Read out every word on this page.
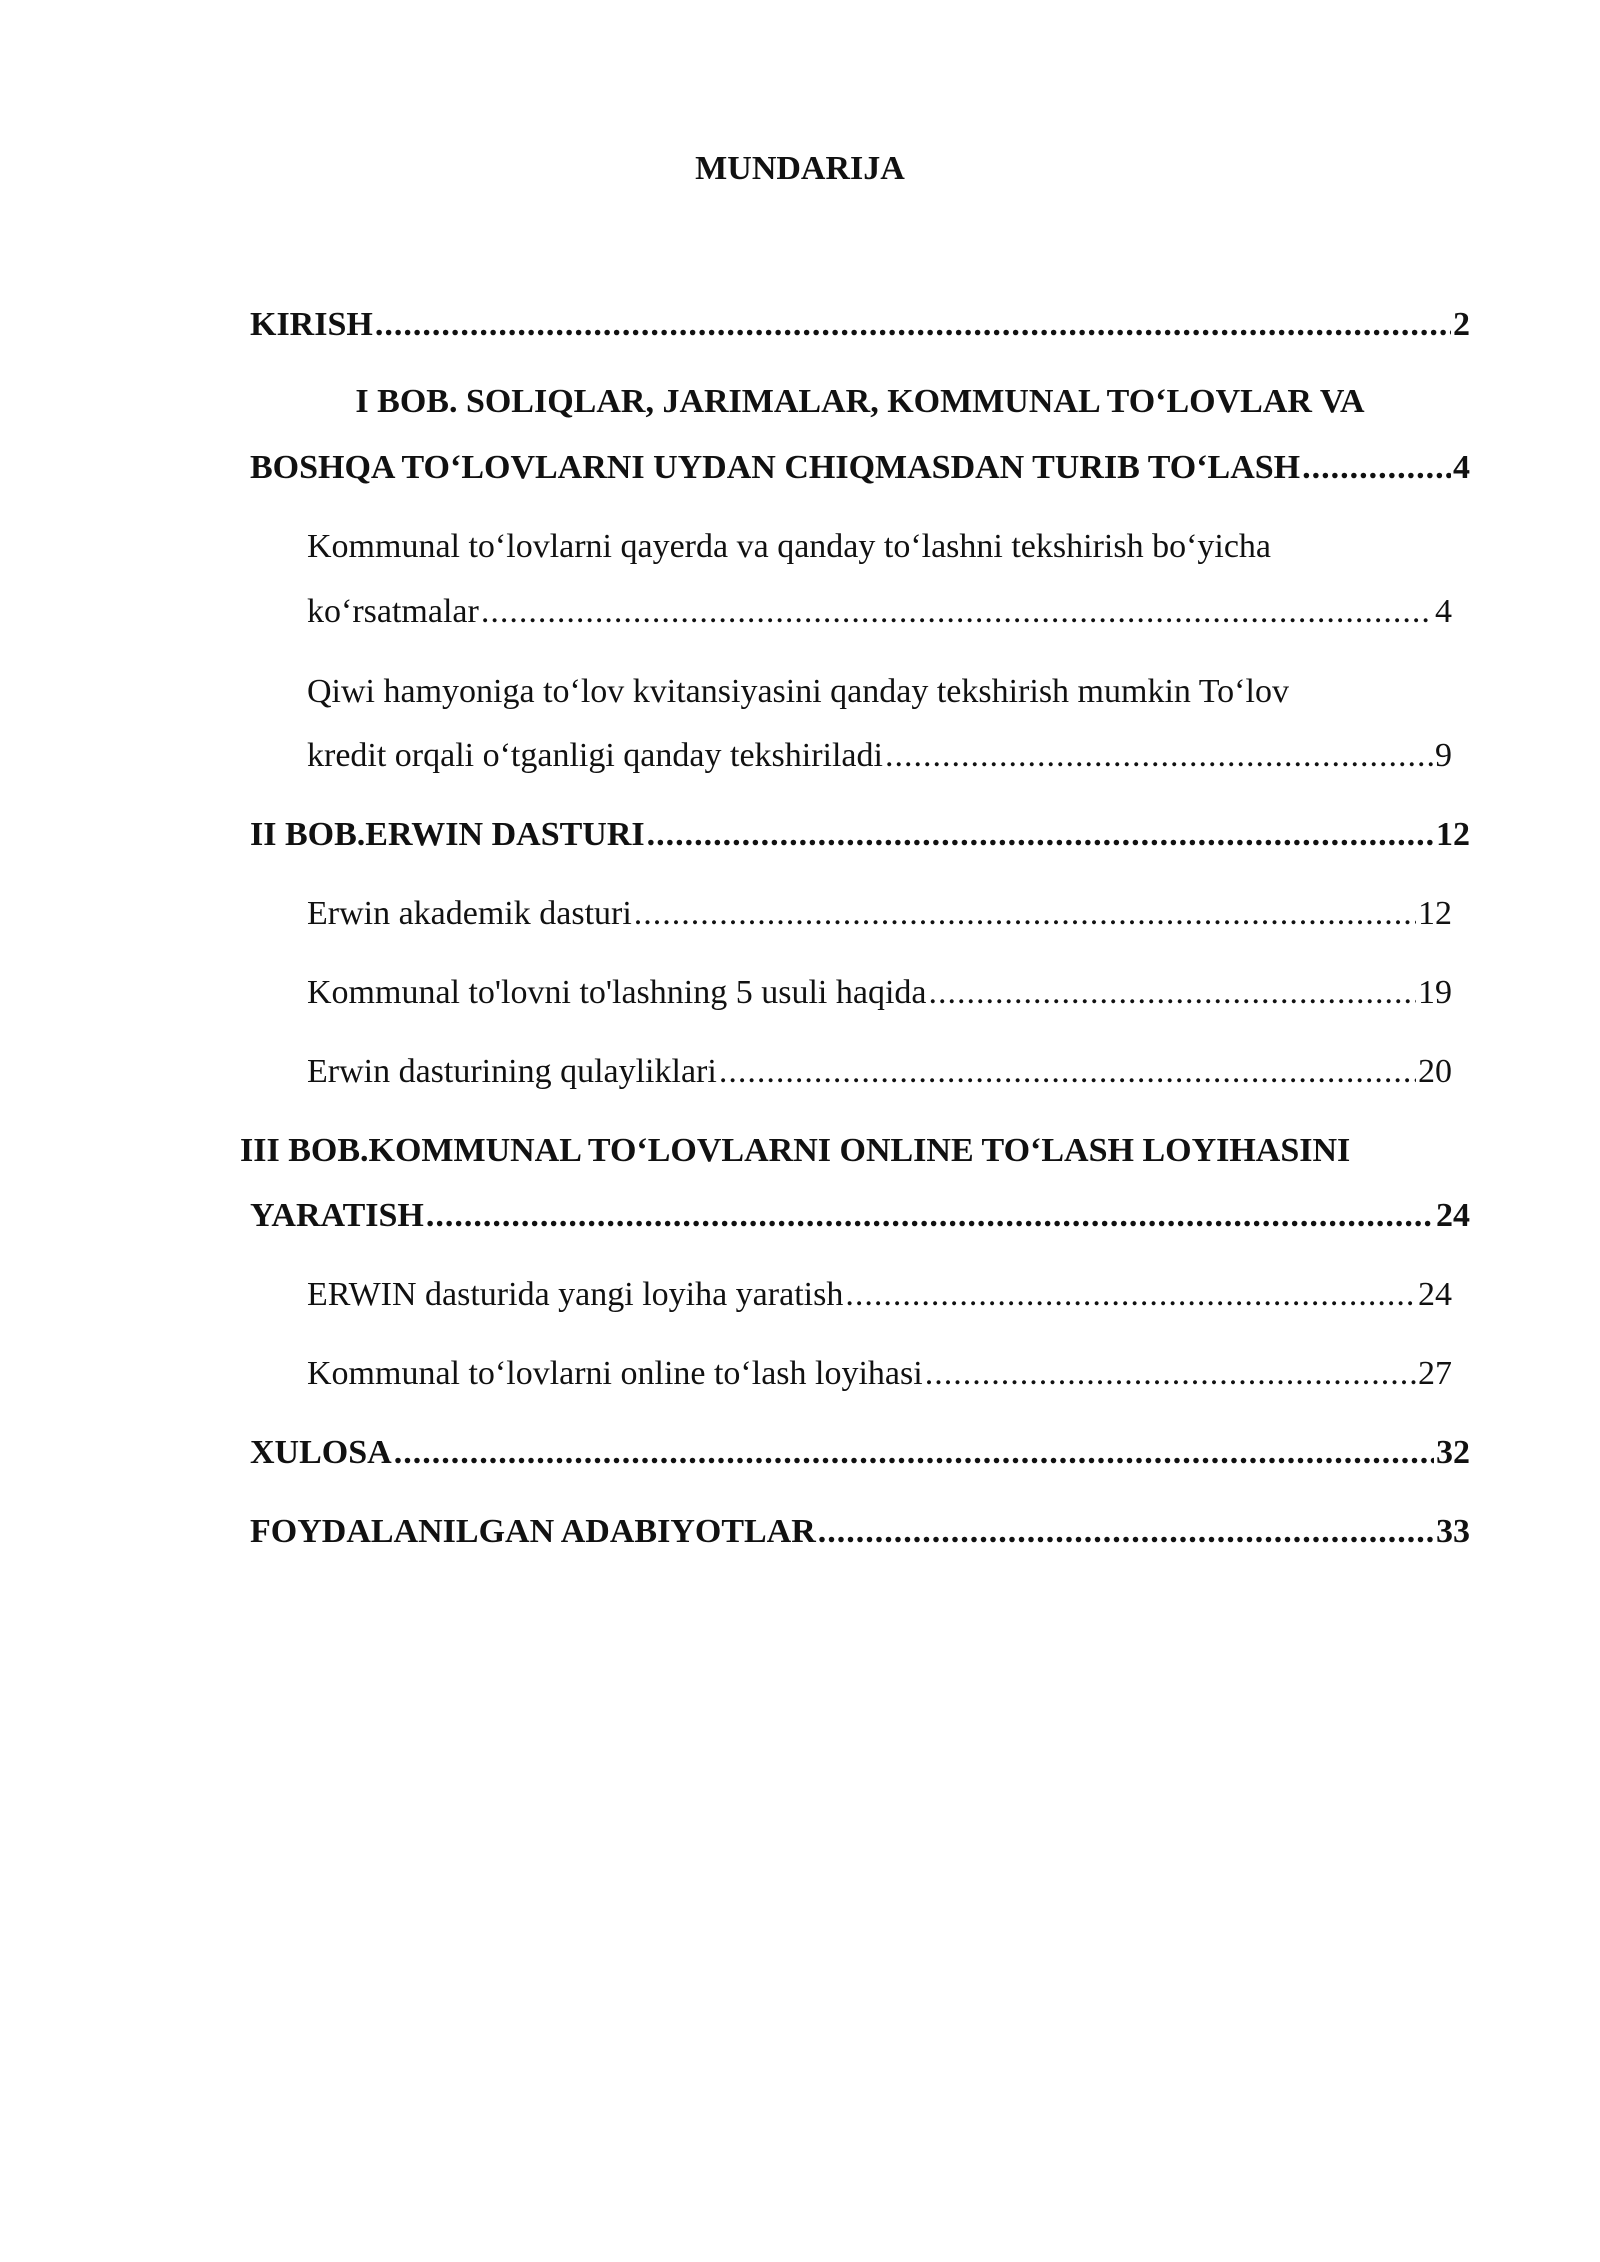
MUNDARIJA
KIRISH .....	2
I BOB. SOLIQLAR, JARIMALAR, KOMMUNAL TO‘LOVLAR VA
BOSHQA TO‘LOVLARNI UYDAN CHIQMASDAN TURIB TO‘LASH .....	4
Kommunal to‘lovlarni qayerda va qanday to‘lashni tekshirish bo‘yicha
ko‘rsatmalar .....	4
Qiwi hamyoniga to‘lov kvitansiyasini qanday tekshirish mumkin To‘lov
kredit orqali o‘tganligi qanday tekshiriladi .....	9
II BOB.ERWIN DASTURI .....	12
Erwin akademik dasturi .....	12
Kommunal to'lovni to'lashning 5 usuli haqida .....	19
Erwin dasturining qulayliklari .....	20
III BOB.KOMMUNAL TO‘LOVLARNI ONLINE TO‘LASH LOYIHASINI
YARATISH .....	24
ERWIN dasturida yangi loyiha yaratish .....	24
Kommunal to‘lovlarni online to‘lash loyihasi .....	27
XULOSA .....	32
FOYDALANILGAN ADABIYOTLAR .....	33
